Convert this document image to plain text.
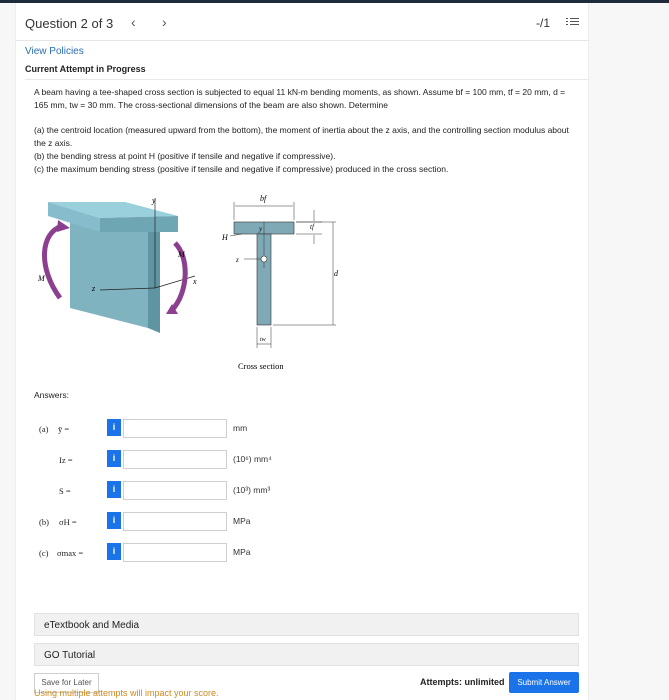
Question 2 of 3 ‹ ›	-/1
View Policies
Current Attempt in Progress
A beam having a tee-shaped cross section is subjected to equal 11 kN-m bending moments, as shown. Assume bf = 100 mm, tf = 20 mm, d = 165 mm, tw = 30 mm. The cross-sectional dimensions of the beam are also shown. Determine
(a) the centroid location (measured upward from the bottom), the moment of inertia about the z axis, and the controlling section modulus about the z axis.
(b) the bending stress at point H (positive if tensile and negative if compressive).
(c) the maximum bending stress (positive if tensile and negative if compressive) produced in the cross section.
y
M
x
z
M
bf
tf
d
H
y
z
tw
Cross section
Answers:
(a) ȳ =	i	mm
Iz =	i	(10⁶) mm⁴
S =	i	(10³) mm³
(b) σH =	i	MPa
(c) σmax =	i	MPa
eTextbook and Media
GO Tutorial
Save for Later	Attempts: unlimited	Submit Answer
Using multiple attempts will impact your score.
